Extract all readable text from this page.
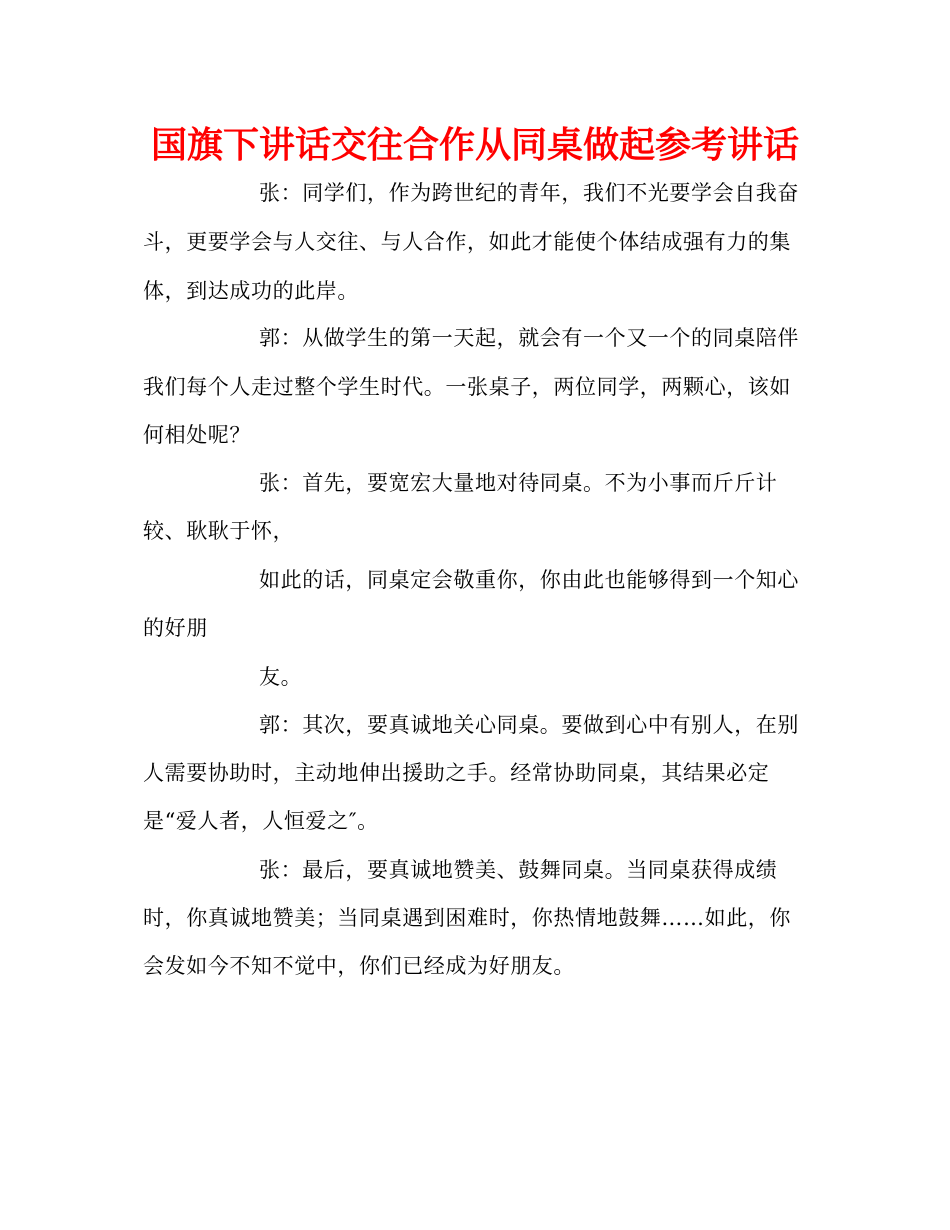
国旗下讲话交往合作从同桌做起参考讲话
张：同学们，作为跨世纪的青年，我们不光要学会自我奋
斗，更要学会与人交往、与人合作，如此才能使个体结成强有力的集
体，到达成功的此岸。
郭：从做学生的第一天起，就会有一个又一个的同桌陪伴
我们每个人走过整个学生时代。一张桌子，两位同学，两颗心，该如
何相处呢？
张：首先，要宽宏大量地对待同桌。不为小事而斤斤计
较、耿耿于怀，
如此的话，同桌定会敬重你，你由此也能够得到一个知心
的好朋
友。
郭：其次，要真诚地关心同桌。要做到心中有别人，在别
人需要协助时，主动地伸出援助之手。经常协助同桌，其结果必定
是“爱人者，人恒爱之″。
张：最后，要真诚地赞美、鼓舞同桌。当同桌获得成绩
时，你真诚地赞美；当同桌遇到困难时，你热情地鼓舞……如此，你
会发如今不知不觉中，你们已经成为好朋友。
